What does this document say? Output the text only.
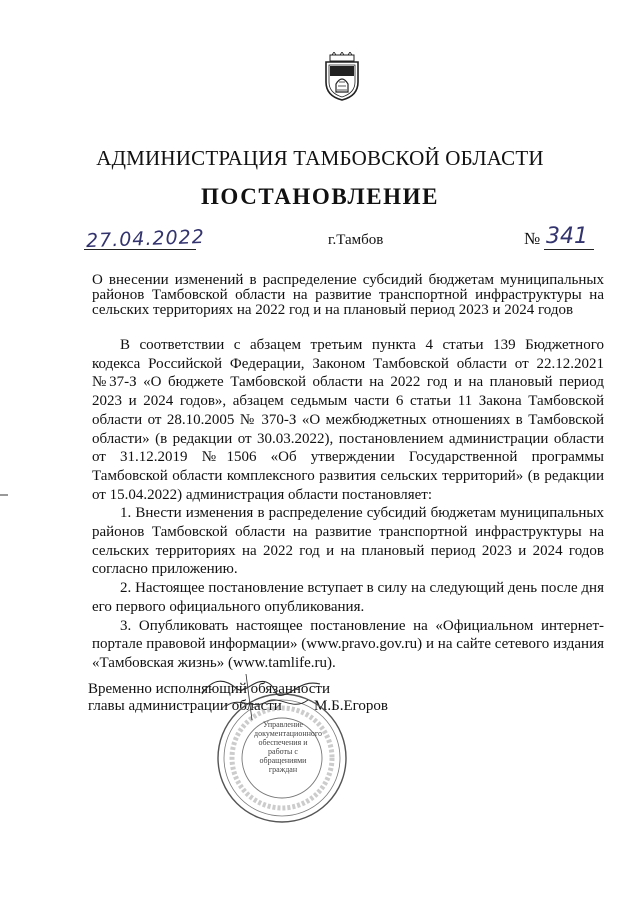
АДМИНИСТРАЦИЯ ТАМБОВСКОЙ ОБЛАСТИ
ПОСТАНОВЛЕНИЕ
27.04.2022	г.Тамбов	№ 341
О внесении изменений в распределение субсидий бюджетам муниципальных районов Тамбовской области на развитие транспортной инфраструктуры на сельских территориях на 2022 год и на плановый период 2023 и 2024 годов

В соответствии с абзацем третьим пункта 4 статьи 139 Бюджетного кодекса Российской Федерации, Законом Тамбовской области от 22.12.2021 №37-З «О бюджете Тамбовской области на 2022 год и на плановый период 2023 и 2024 годов», абзацем седьмым части 6 статьи 11 Закона Тамбовской области от 28.10.2005 № 370-З «О межбюджетных отношениях в Тамбовской области» (в редакции от 30.03.2022), постановлением администрации области от 31.12.2019 №1506 «Об утверждении Государственной программы Тамбовской области комплексного развития сельских территорий» (в редакции от 15.04.2022) администрация области постановляет:

1. Внести изменения в распределение субсидий бюджетам муниципальных районов Тамбовской области на развитие транспортной инфраструктуры на сельских территориях на 2022 год и на плановый период 2023 и 2024 годов согласно приложению.

2. Настоящее постановление вступает в силу на следующий день после дня его первого официального опубликования.

3. Опубликовать настоящее постановление на «Официальном интернет-портале правовой информации» (www.pravo.gov.ru) и на сайте сетевого издания «Тамбовская жизнь» (www.tamlife.ru).

Временно исполняющий обязанности
главы администрации области	М.Б.Егоров
Управление документационного обеспечения и работы с обращениями граждан
